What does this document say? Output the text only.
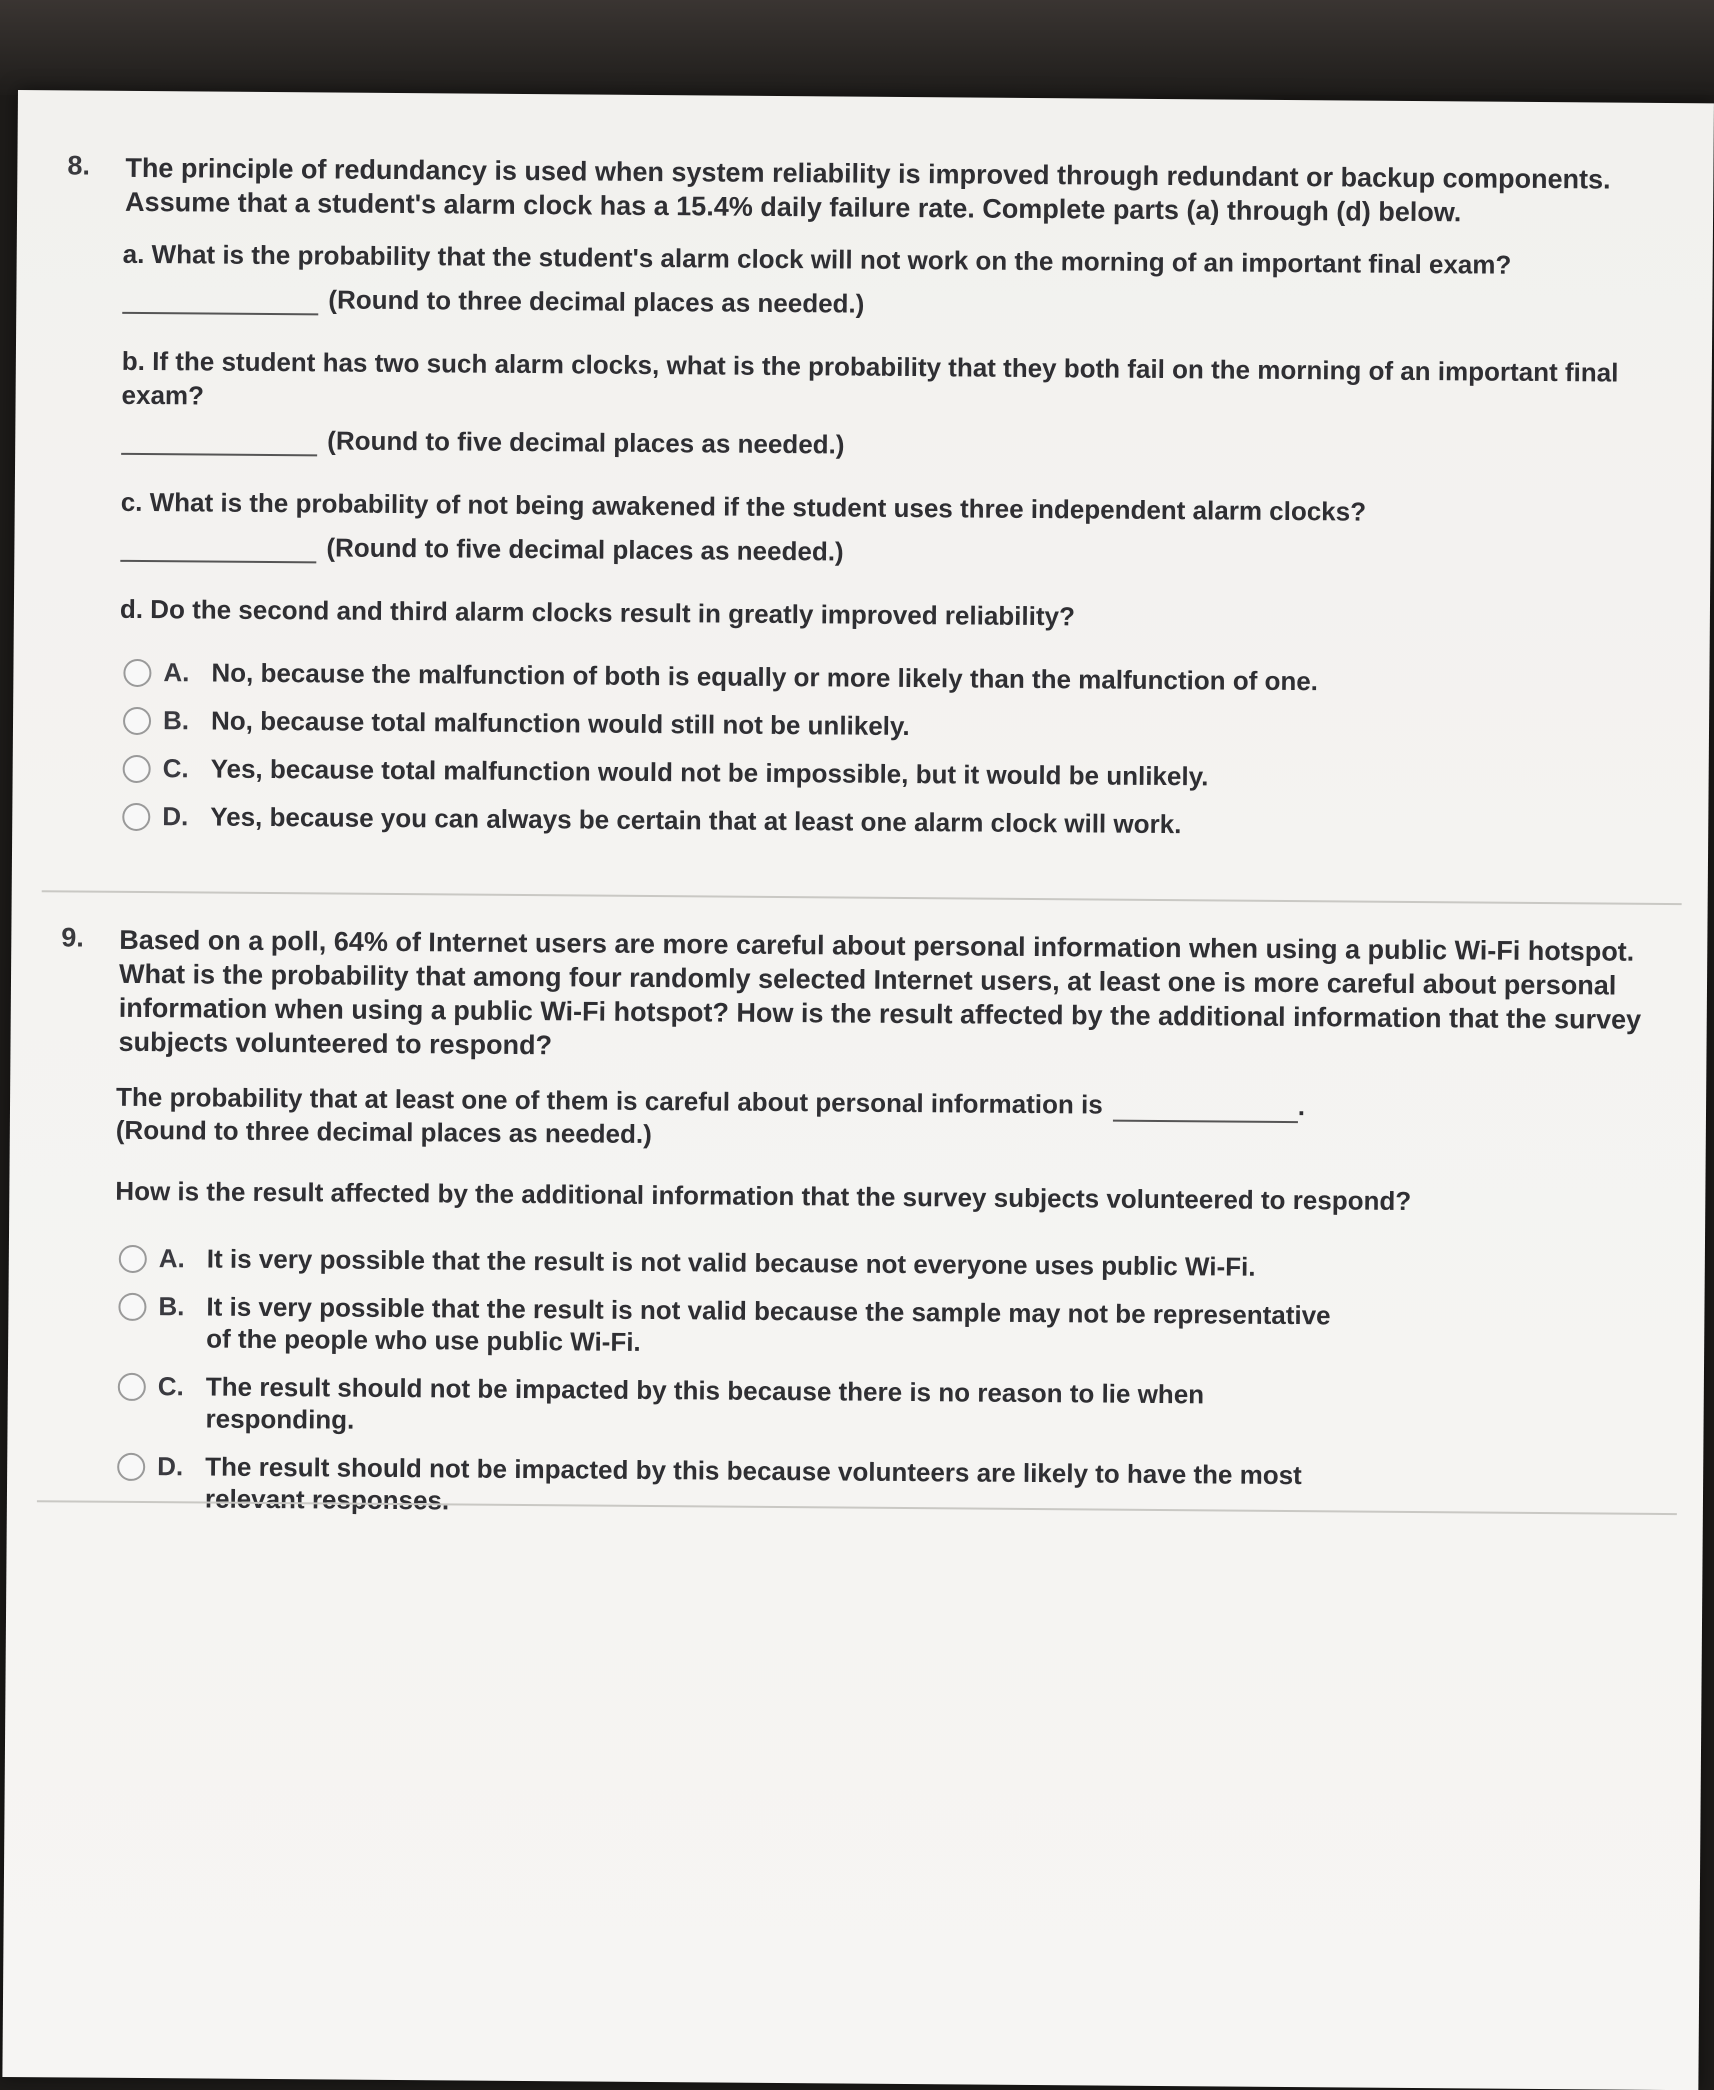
8. The principle of redundancy is used when system reliability is improved through redundant or backup components. Assume that a student's alarm clock has a 15.4% daily failure rate. Complete parts (a) through (d) below.
a. What is the probability that the student's alarm clock will not work on the morning of an important final exam?
(Round to three decimal places as needed.)
b. If the student has two such alarm clocks, what is the probability that they both fail on the morning of an important final exam?
(Round to five decimal places as needed.)
c. What is the probability of not being awakened if the student uses three independent alarm clocks?
(Round to five decimal places as needed.)
d. Do the second and third alarm clocks result in greatly improved reliability?
A. No, because the malfunction of both is equally or more likely than the malfunction of one.
B. No, because total malfunction would still not be unlikely.
C. Yes, because total malfunction would not be impossible, but it would be unlikely.
D. Yes, because you can always be certain that at least one alarm clock will work.
9. Based on a poll, 64% of Internet users are more careful about personal information when using a public Wi-Fi hotspot. What is the probability that among four randomly selected Internet users, at least one is more careful about personal information when using a public Wi-Fi hotspot? How is the result affected by the additional information that the survey subjects volunteered to respond?
The probability that at least one of them is careful about personal information is	.
(Round to three decimal places as needed.)
How is the result affected by the additional information that the survey subjects volunteered to respond?
A. It is very possible that the result is not valid because not everyone uses public Wi-Fi.
B. It is very possible that the result is not valid because the sample may not be representative of the people who use public Wi-Fi.
C. The result should not be impacted by this because there is no reason to lie when responding.
D. The result should not be impacted by this because volunteers are likely to have the most relevant responses.
